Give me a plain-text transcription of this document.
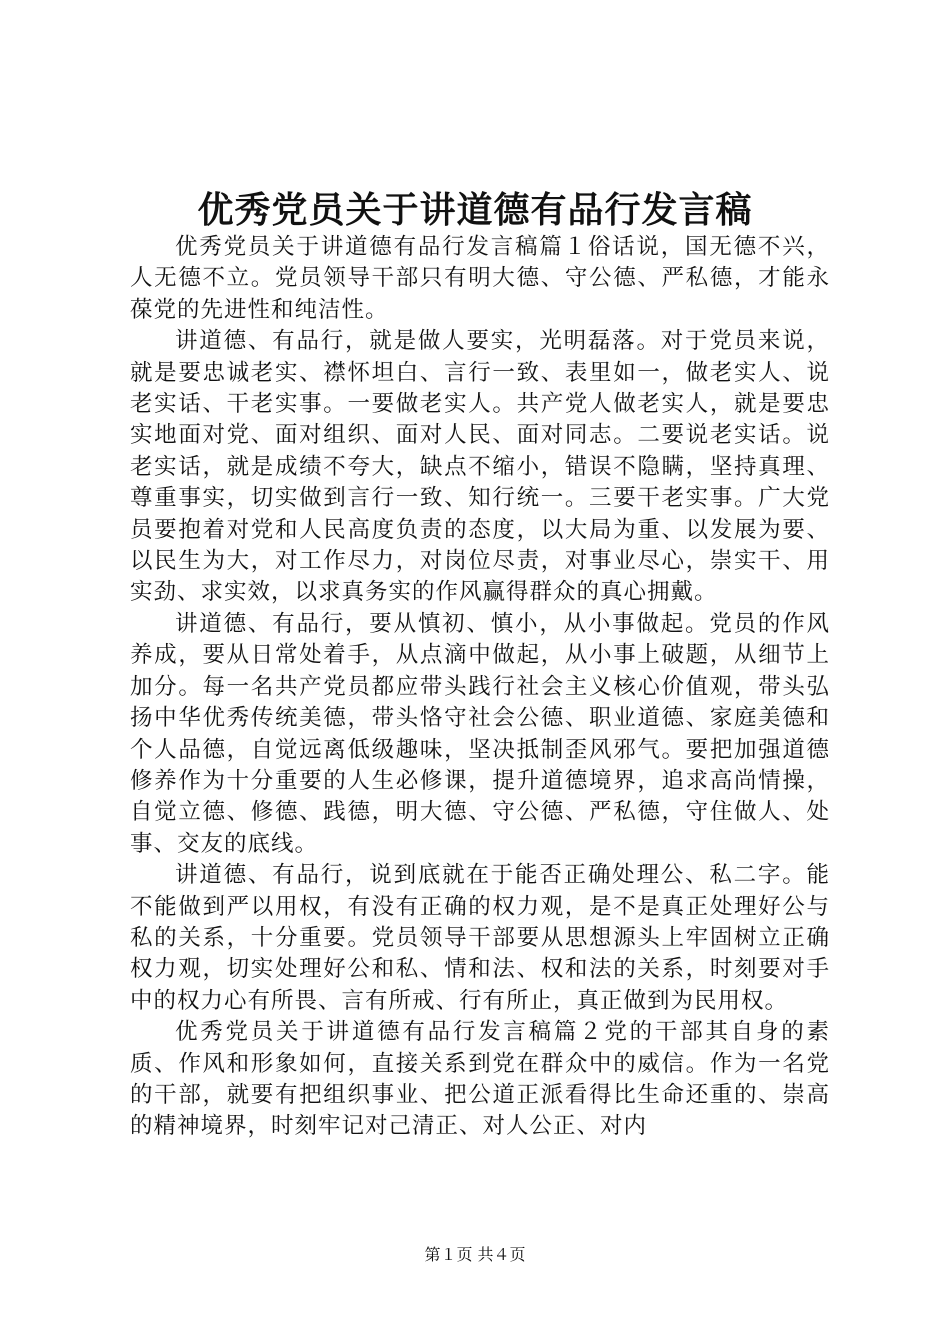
优秀党员关于讲道德有品行发言稿

优秀党员关于讲道德有品行发言稿篇１俗话说，国无德不兴，人无德不立。党员领导干部只有明大德、守公德、严私德，才能永葆党的先进性和纯洁性。

讲道德、有品行，就是做人要实，光明磊落。对于党员来说，就是要忠诚老实、襟怀坦白、言行一致、表里如一，做老实人、说老实话、干老实事。一要做老实人。共产党人做老实人，就是要忠实地面对党、面对组织、面对人民、面对同志。二要说老实话。说老实话，就是成绩不夸大，缺点不缩小，错误不隐瞒，坚持真理、尊重事实，切实做到言行一致、知行统一。三要干老实事。广大党员要抱着对党和人民高度负责的态度，以大局为重、以发展为要、以民生为大，对工作尽力，对岗位尽责，对事业尽心，崇实干、用实劲、求实效，以求真务实的作风赢得群众的真心拥戴。

讲道德、有品行，要从慎初、慎小，从小事做起。党员的作风养成，要从日常处着手，从点滴中做起，从小事上破题，从细节上加分。每一名共产党员都应带头践行社会主义核心价值观，带头弘扬中华优秀传统美德，带头恪守社会公德、职业道德、家庭美德和个人品德，自觉远离低级趣味，坚决抵制歪风邪气。要把加强道德修养作为十分重要的人生必修课，提升道德境界，追求高尚情操，自觉立德、修德、践德，明大德、守公德、严私德，守住做人、处事、交友的底线。

讲道德、有品行，说到底就在于能否正确处理公、私二字。能不能做到严以用权，有没有正确的权力观，是不是真正处理好公与私的关系，十分重要。党员领导干部要从思想源头上牢固树立正确权力观，切实处理好公和私、情和法、权和法的关系，时刻要对手中的权力心有所畏、言有所戒、行有所止，真正做到为民用权。

优秀党员关于讲道德有品行发言稿篇２党的干部其自身的素质、作风和形象如何，直接关系到党在群众中的威信。作为一名党的干部，就要有把组织事业、把公道正派看得比生命还重的、崇高的精神境界，时刻牢记对己清正、对人公正、对内

第１页 共４页
